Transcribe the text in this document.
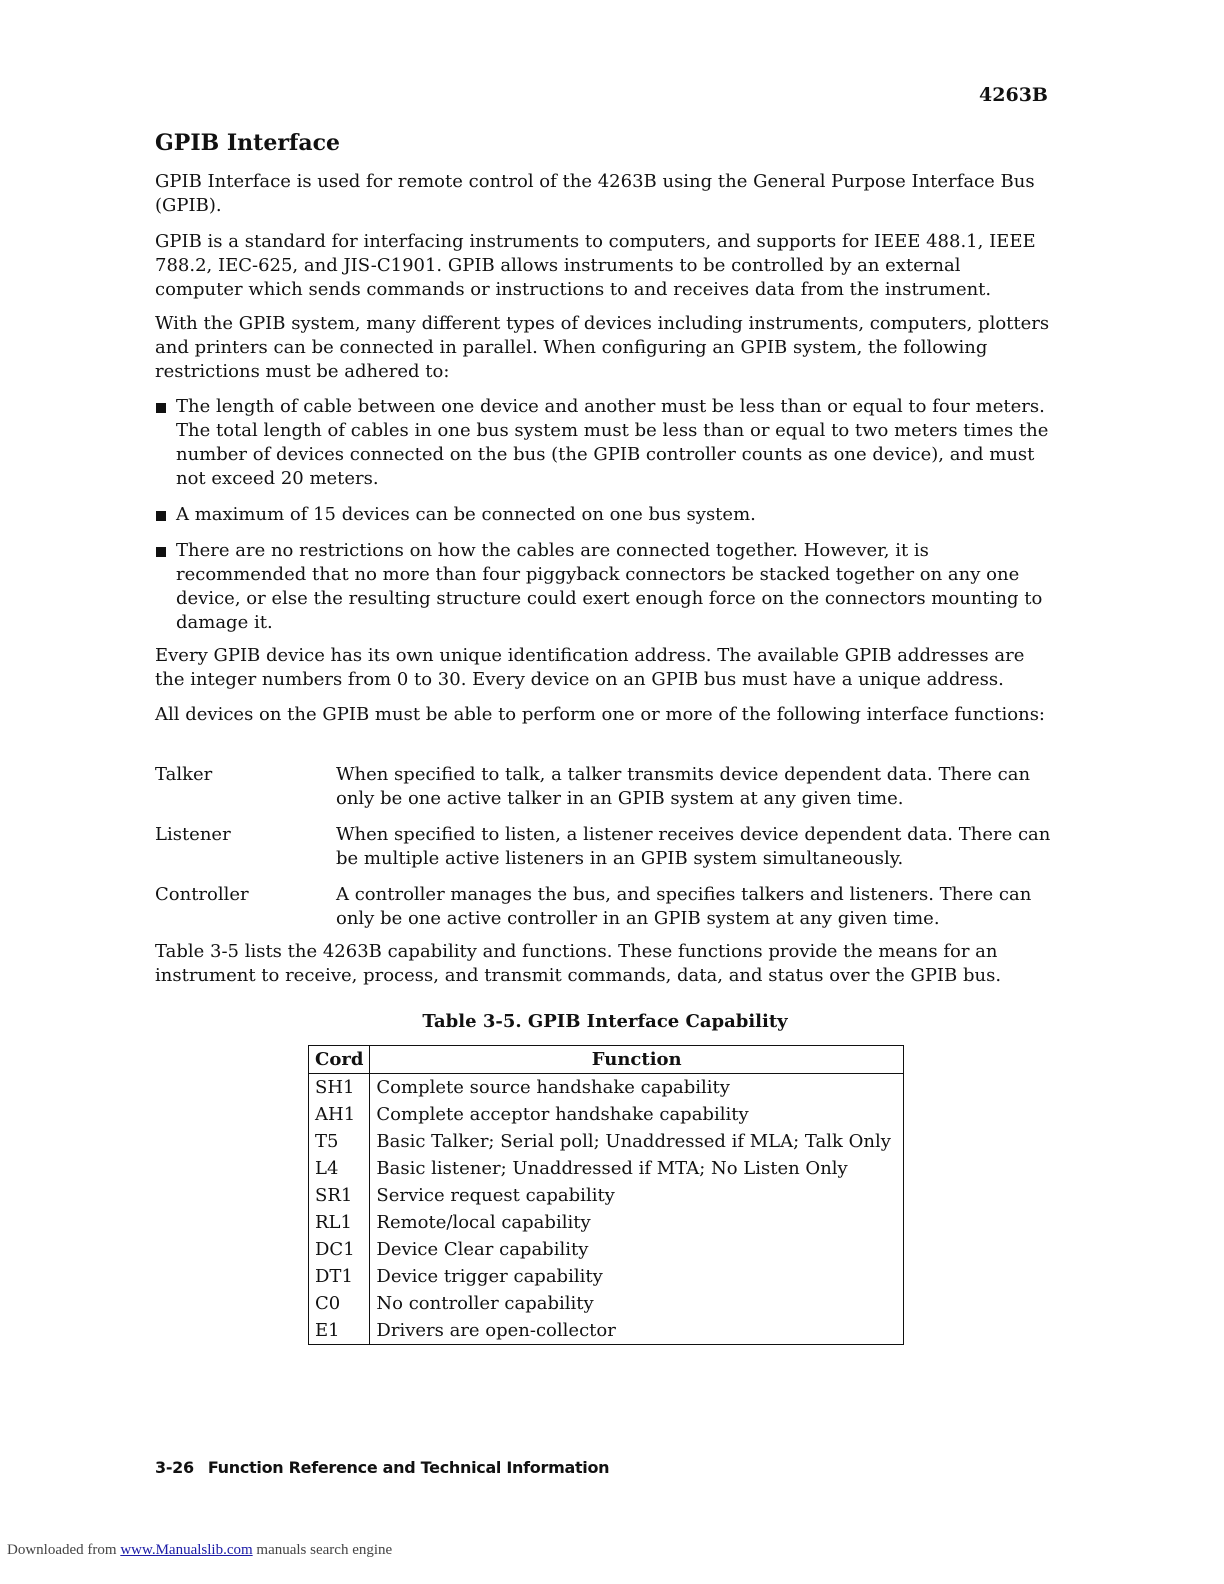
4263B
GPIB Interface

GPIB Interface is used for remote control of the 4263B using the General Purpose Interface Bus (GPIB).

GPIB is a standard for interfacing instruments to computers, and supports for IEEE 488.1, IEEE 788.2, IEC-625, and JIS-C1901. GPIB allows instruments to be controlled by an external computer which sends commands or instructions to and receives data from the instrument.

With the GPIB system, many different types of devices including instruments, computers, plotters and printers can be connected in parallel. When configuring an GPIB system, the following restrictions must be adhered to:

The length of cable between one device and another must be less than or equal to four meters. The total length of cables in one bus system must be less than or equal to two meters times the number of devices connected on the bus (the GPIB controller counts as one device), and must not exceed 20 meters.
A maximum of 15 devices can be connected on one bus system.
There are no restrictions on how the cables are connected together. However, it is recommended that no more than four piggyback connectors be stacked together on any one device, or else the resulting structure could exert enough force on the connectors mounting to damage it.

Every GPIB device has its own unique identification address. The available GPIB addresses are the integer numbers from 0 to 30. Every device on an GPIB bus must have a unique address.

All devices on the GPIB must be able to perform one or more of the following interface functions:

Talker	When specified to talk, a talker transmits device dependent data. There can only be one active talker in an GPIB system at any given time.
Listener	When specified to listen, a listener receives device dependent data. There can be multiple active listeners in an GPIB system simultaneously.
Controller	A controller manages the bus, and specifies talkers and listeners. There can only be one active controller in an GPIB system at any given time.

Table 3-5 lists the 4263B capability and functions. These functions provide the means for an instrument to receive, process, and transmit commands, data, and status over the GPIB bus.

Table 3-5. GPIB Interface Capability
Cord	Function
SH1	Complete source handshake capability
AH1	Complete acceptor handshake capability
T5	Basic Talker; Serial poll; Unaddressed if MLA; Talk Only
L4	Basic listener; Unaddressed if MTA; No Listen Only
SR1	Service request capability
RL1	Remote/local capability
DC1	Device Clear capability
DT1	Device trigger capability
C0	No controller capability
E1	Drivers are open-collector
3-26 Function Reference and Technical Information
Downloaded from www.Manualslib.com manuals search engine
